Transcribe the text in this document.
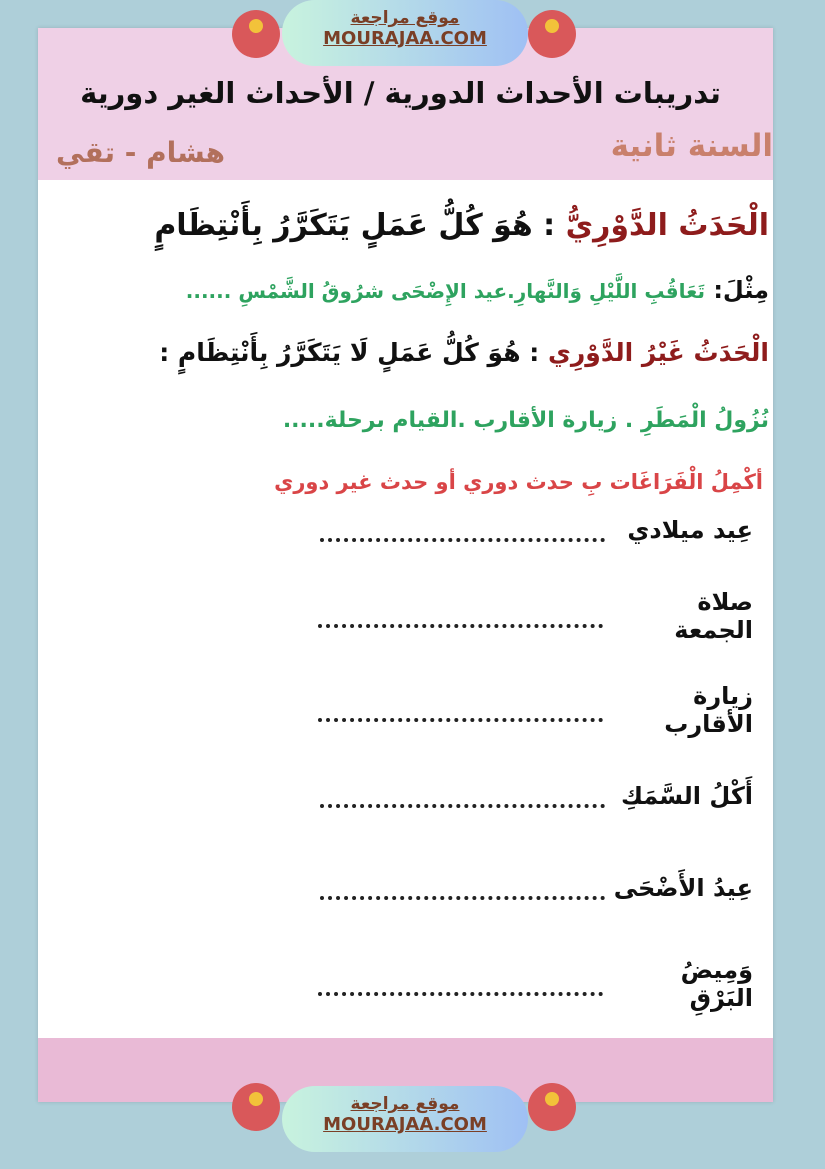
تدريبات الأحداث الدورية / الأحداث الغير دورية
السنة ثانية
هشام - تقي
الْحَدَثُ الدَّوْرِيُّ : هُوَ كُلُّ عَمَلٍ يَتَكَرَّرُ بِأَنْتِظَامٍ
مِثْلَ: تَعَاقُبِ اللَّيْلِ وَالنَّهارِ.عيد الإِضْحَى شرُوقُ الشَّمْسِ ......
الْحَدَثُ غَيْرُ الدَّوْرِي : هُوَ كُلُّ عَمَلٍ لَا يَتَكَرَّرُ بِأَنْتِظَامٍ :
نُزُولُ الْمَطَرِ . زيارة الأقارب .القيام برحلة.....
أكْمِلُ الْفَرَاغَات بِ حدث دوري أو حدث غير دوري
عِيد ميلادي
صلاة الجمعة
زيارة الأقارب
أَكْلُ السَّمَكِ
عِيدُ الأَضْحَى
وَمِيضُ البَرْقِ
موقع مراجعة
MOURAJAA.COM
موقع مراجعة
MOURAJAA.COM
